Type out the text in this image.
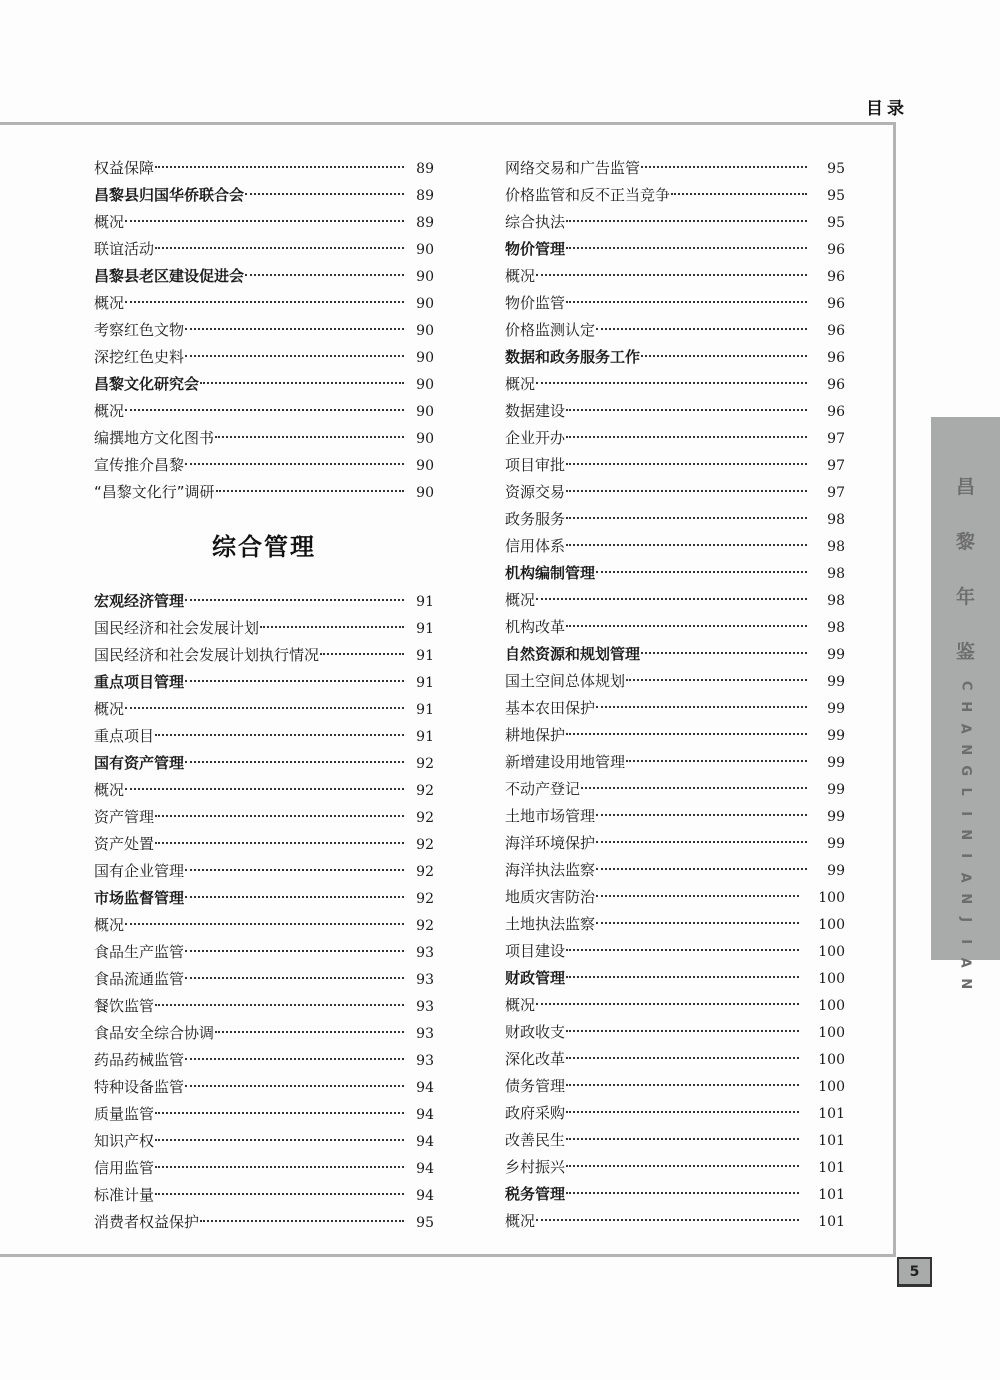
目录
权益保障	89
昌黎县归国华侨联合会	89
概况	89
联谊活动	90
昌黎县老区建设促进会	90
概况	90
考察红色文物	90
深挖红色史料	90
昌黎文化研究会	90
概况	90
编撰地方文化图书	90
宣传推介昌黎	90
“昌黎文化行”调研	90
综合管理
宏观经济管理	91
国民经济和社会发展计划	91
国民经济和社会发展计划执行情况	91
重点项目管理	91
概况	91
重点项目	91
国有资产管理	92
概况	92
资产管理	92
资产处置	92
国有企业管理	92
市场监督管理	92
概况	92
食品生产监管	93
食品流通监管	93
餐饮监管	93
食品安全综合协调	93
药品药械监管	93
特种设备监管	94
质量监管	94
知识产权	94
信用监管	94
标准计量	94
消费者权益保护	95
网络交易和广告监管	95
价格监管和反不正当竞争	95
综合执法	95
物价管理	96
概况	96
物价监管	96
价格监测认定	96
数据和政务服务工作	96
概况	96
数据建设	96
企业开办	97
项目审批	97
资源交易	97
政务服务	98
信用体系	98
机构编制管理	98
概况	98
机构改革	98
自然资源和规划管理	99
国土空间总体规划	99
基本农田保护	99
耕地保护	99
新增建设用地管理	99
不动产登记	99
土地市场管理	99
海洋环境保护	99
海洋执法监察	99
地质灾害防治	100
土地执法监察	100
项目建设	100
财政管理	100
概况	100
财政收支	100
深化改革	100
债务管理	100
政府采购	101
改善民生	101
乡村振兴	101
税务管理	101
概况	101
昌
黎
年
鉴
C
H
A
N
G
L
I
N
I
A
N
J
I
A
N
5
